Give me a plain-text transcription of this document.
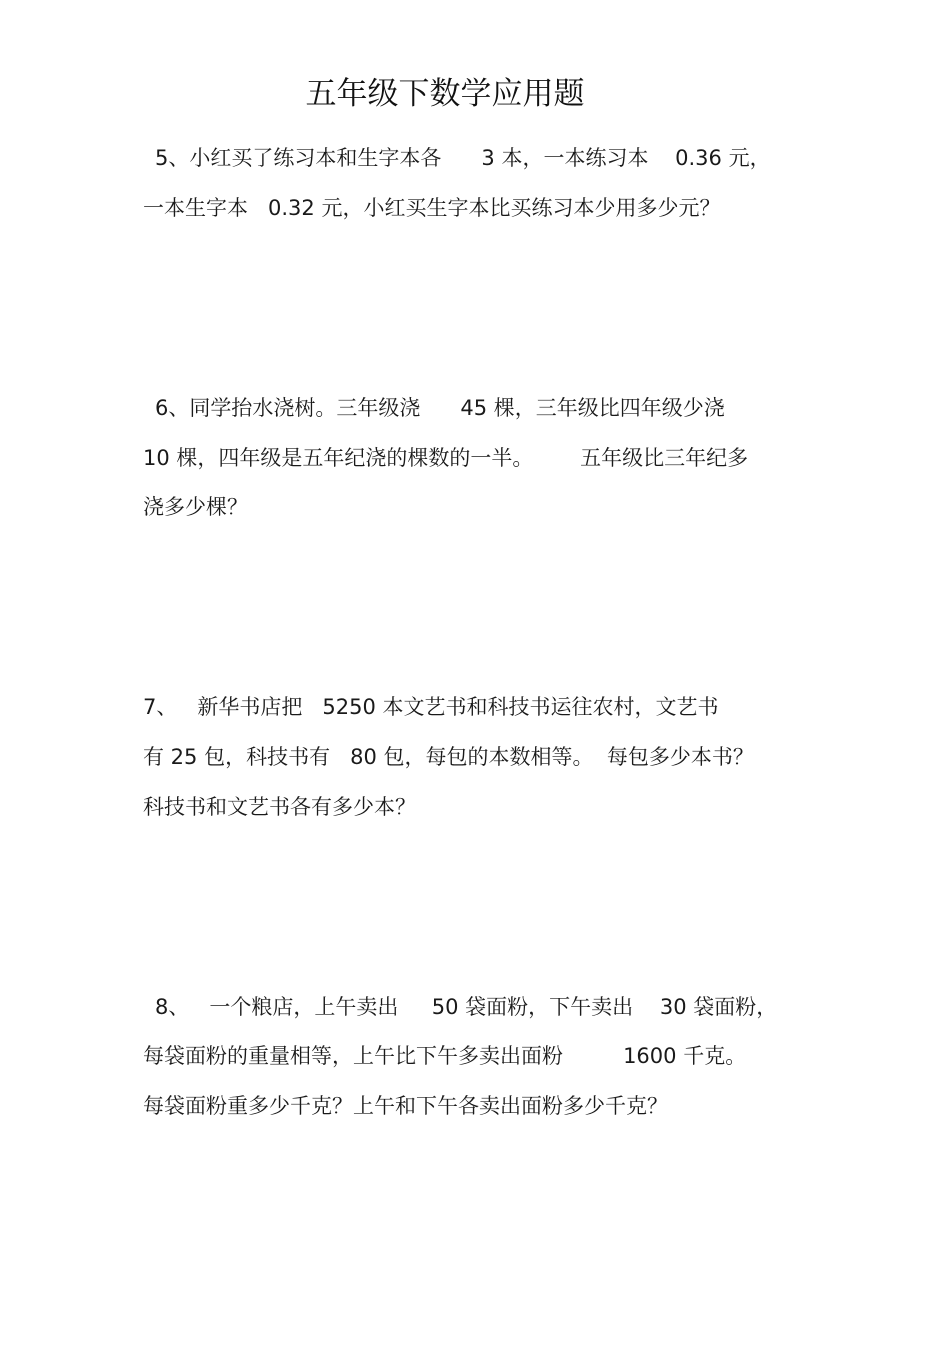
五年级下数学应用题
5、小红买了练习本和生字本各      3 本，一本练习本    0.36 元，
一本生字本   0.32 元，小红买生字本比买练习本少用多少元？
6、同学抬水浇树。三年级浇      45 棵，三年级比四年级少浇
10 棵，四年级是五年纪浇的棵数的一半。       五年级比三年纪多
浇多少棵？
7、   新华书店把   5250 本文艺书和科技书运往农村，文艺书
有 25 包，科技书有   80 包，每包的本数相等。  每包多少本书？
科技书和文艺书各有多少本？
8、   一个粮店，上午卖出     50 袋面粉，下午卖出    30 袋面粉，
每袋面粉的重量相等，上午比下午多卖出面粉         1600 千克。
每袋面粉重多少千克？上午和下午各卖出面粉多少千克？
